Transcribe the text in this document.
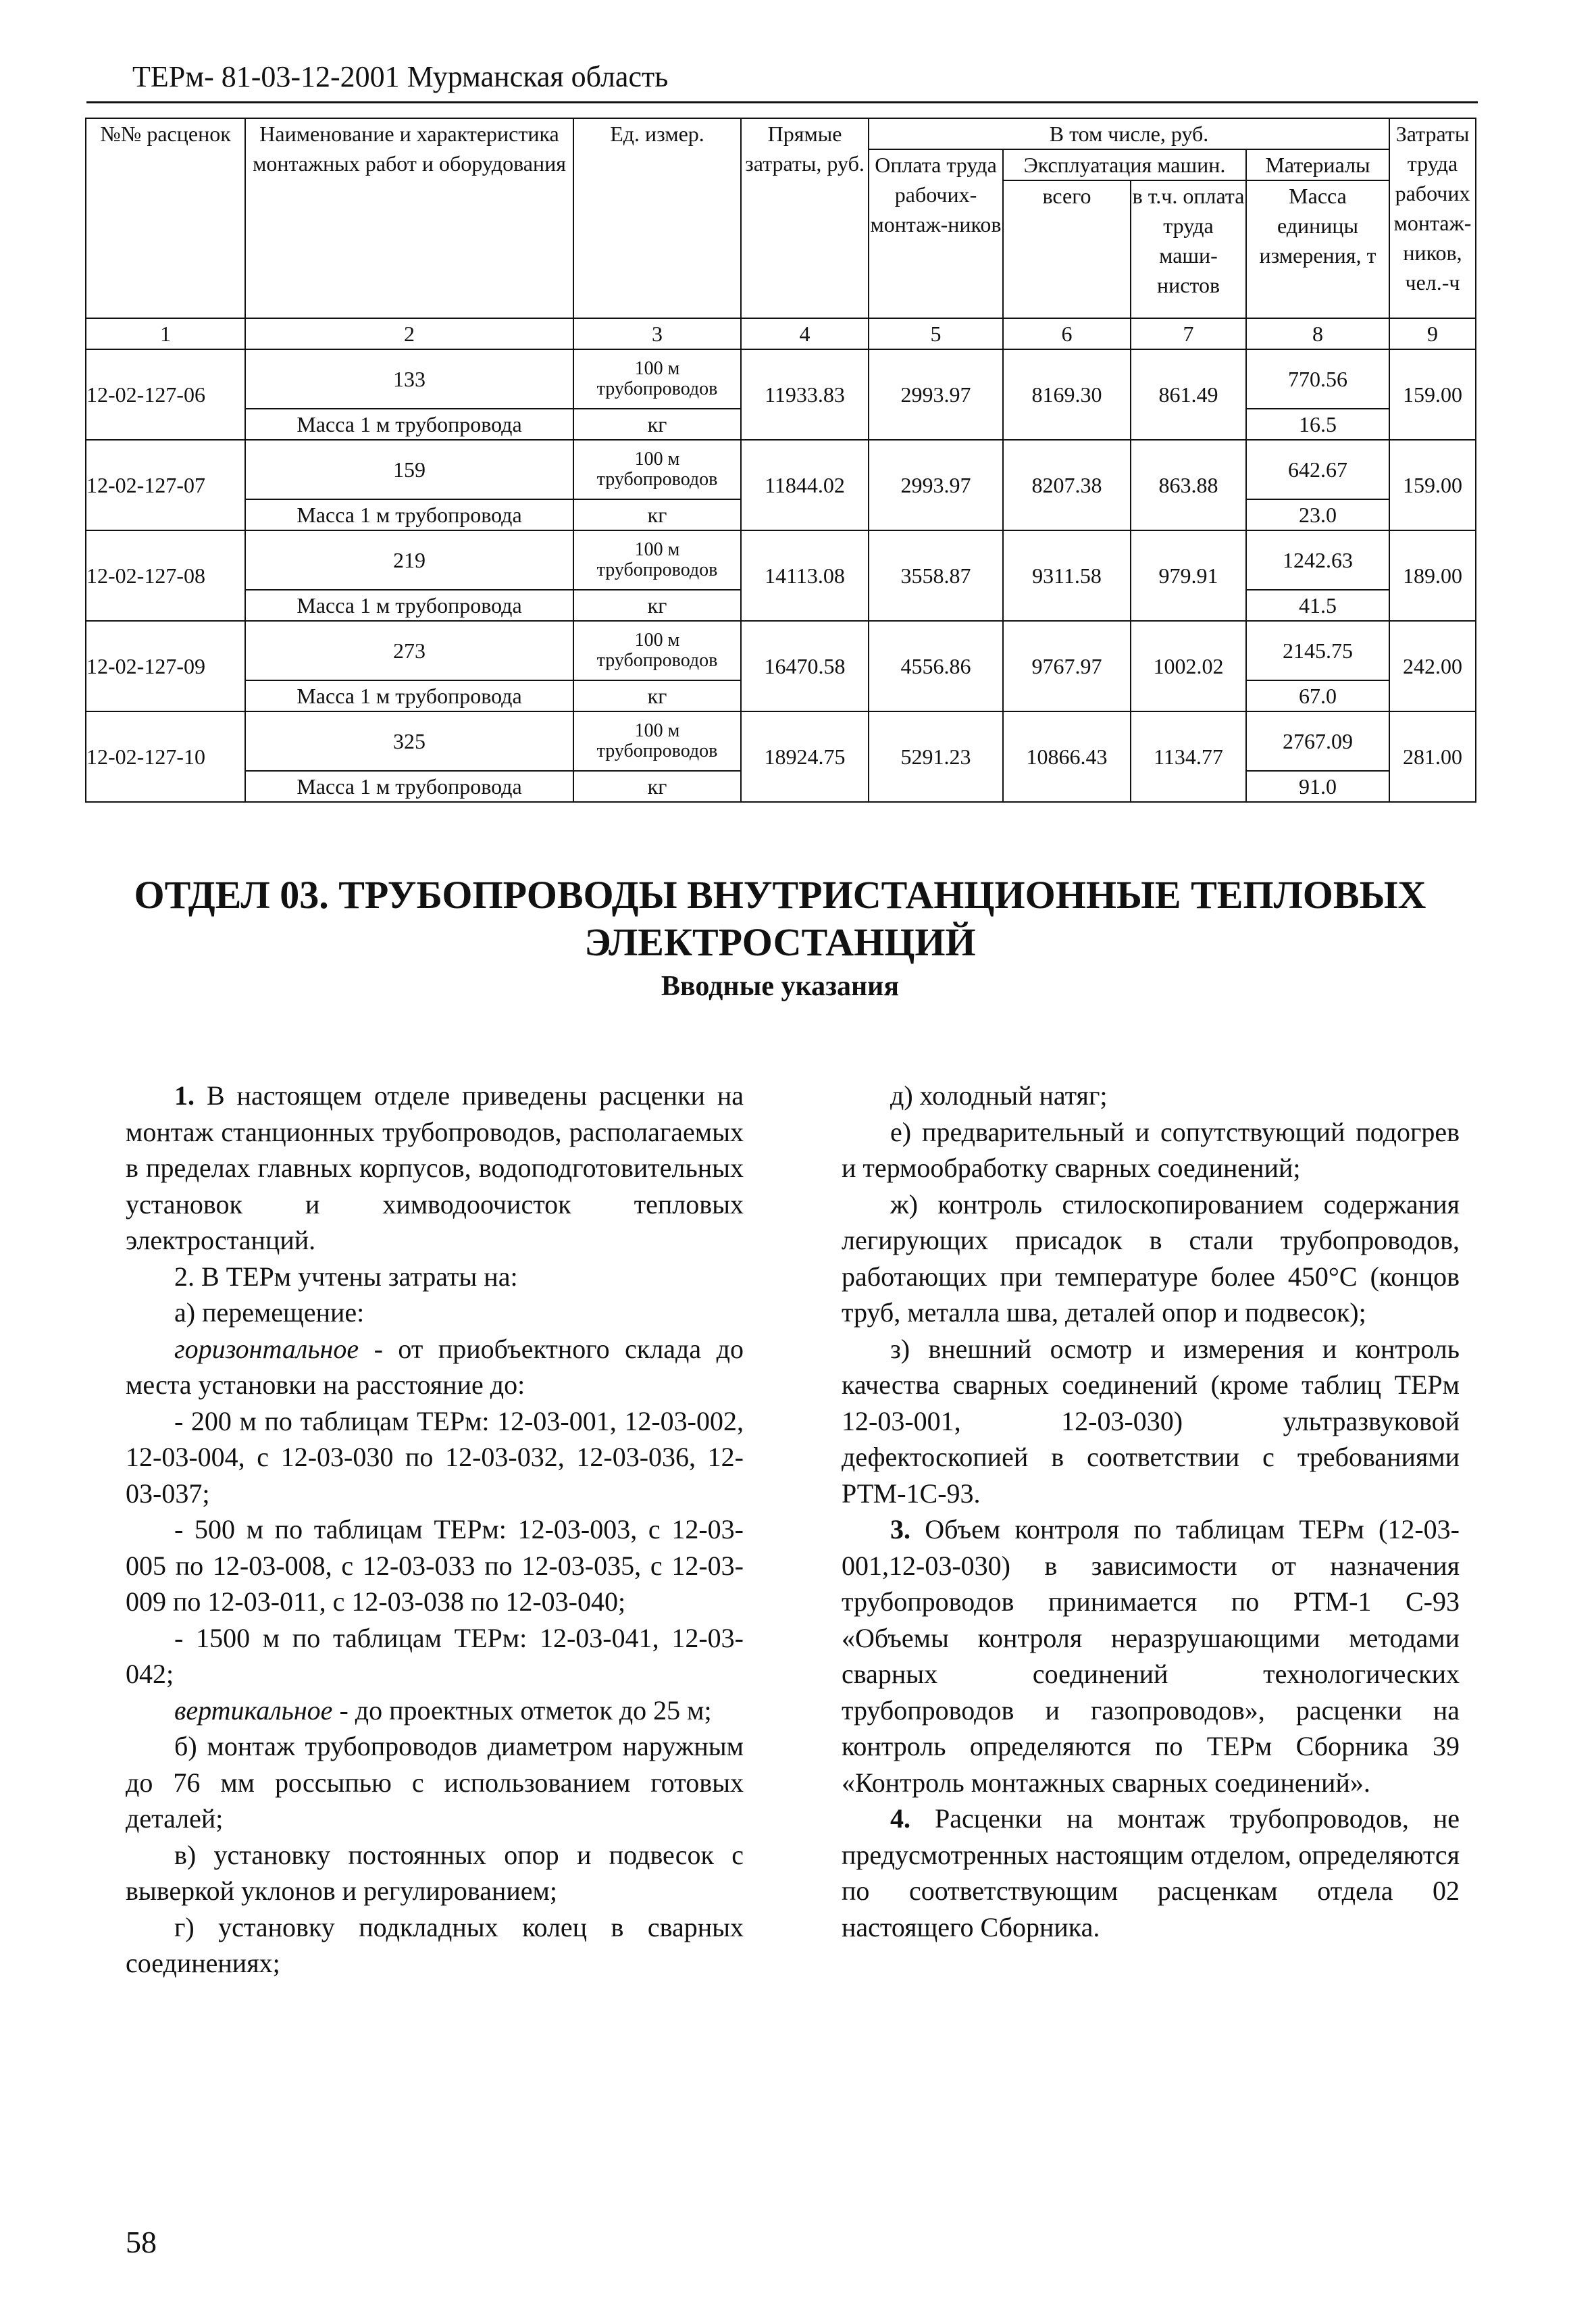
ТЕРм- 81-03-12-2001 Мурманская область
№№ расценок	Наименование и характеристика монтажных работ и оборудования	Ед. измер.	Прямые затраты, руб.	В том числе, руб.				Затраты труда рабочих монтаж-ников, чел.-ч
				Оплата труда рабочих-монтаж-ников	Эксплуатация машин.		Материалы	
					всего	в т.ч. оплата труда маши-нистов	Масса единицы измерения, т	
1	2	3	4	5	6	7	8	9
12-02-127-06	133	100 м трубопроводов	11933.83	2993.97	8169.30	861.49	770.56	159.00
	Масса 1 м трубопровода	кг					16.5	
12-02-127-07	159	100 м трубопроводов	11844.02	2993.97	8207.38	863.88	642.67	159.00
	Масса 1 м трубопровода	кг					23.0	
12-02-127-08	219	100 м трубопроводов	14113.08	3558.87	9311.58	979.91	1242.63	189.00
	Масса 1 м трубопровода	кг					41.5	
12-02-127-09	273	100 м трубопроводов	16470.58	4556.86	9767.97	1002.02	2145.75	242.00
	Масса 1 м трубопровода	кг					67.0	
12-02-127-10	325	100 м трубопроводов	18924.75	5291.23	10866.43	1134.77	2767.09	281.00
	Масса 1 м трубопровода	кг					91.0	
ОТДЕЛ 03. ТРУБОПРОВОДЫ ВНУТРИСТАНЦИОННЫЕ ТЕПЛОВЫХ ЭЛЕКТРОСТАНЦИЙ
Вводные указания

1. В настоящем отделе приведены расценки на монтаж станционных трубопроводов, располагаемых в пределах главных корпусов, водоподготовительных установок и химводоочисток тепловых электростанций.

2. В ТЕРм учтены затраты на:

а) перемещение:

горизонтальное - от приобъектного склада до места установки на расстояние до:

- 200 м по таблицам ТЕРм: 12-03-001, 12-03-002, 12-03-004, с 12-03-030 по 12-03-032, 12-03-036, 12-03-037;

- 500 м по таблицам ТЕРм: 12-03-003, с 12-03-005 по 12-03-008, с 12-03-033 по 12-03-035, с 12-03-009 по 12-03-011, с 12-03-038 по 12-03-040;

- 1500 м по таблицам ТЕРм: 12-03-041, 12-03-042;

вертикальное - до проектных отметок до 25 м;

б) монтаж трубопроводов диаметром наружным до 76 мм россыпью с использованием готовых деталей;

в) установку постоянных опор и подвесок с выверкой уклонов и регулированием;

г) установку подкладных колец в сварных соединениях;

д) холодный натяг;

е) предварительный и сопутствующий подогрев и термообработку сварных соединений;

ж) контроль стилоскопированием содержания легирующих присадок в стали трубопроводов, работающих при температуре более 450°С (концов труб, металла шва, деталей опор и подвесок);

з) внешний осмотр и измерения и контроль качества сварных соединений (кроме таблиц ТЕРм 12-03-001, 12-03-030) ультразвуковой дефектоскопией в соответствии с требованиями РТМ-1С-93.

3. Объем контроля по таблицам ТЕРм (12-03-001,12-03-030) в зависимости от назначения трубопроводов принимается по РТМ-1 С-93 «Объемы контроля неразрушающими методами сварных соединений технологических трубопроводов и газопроводов», расценки на контроль определяются по ТЕРм Сборника 39 «Контроль монтажных сварных соединений».

4. Расценки на монтаж трубопроводов, не предусмотренных настоящим отделом, определяются по соответствующим расценкам отдела 02 настоящего Сборника.

58
